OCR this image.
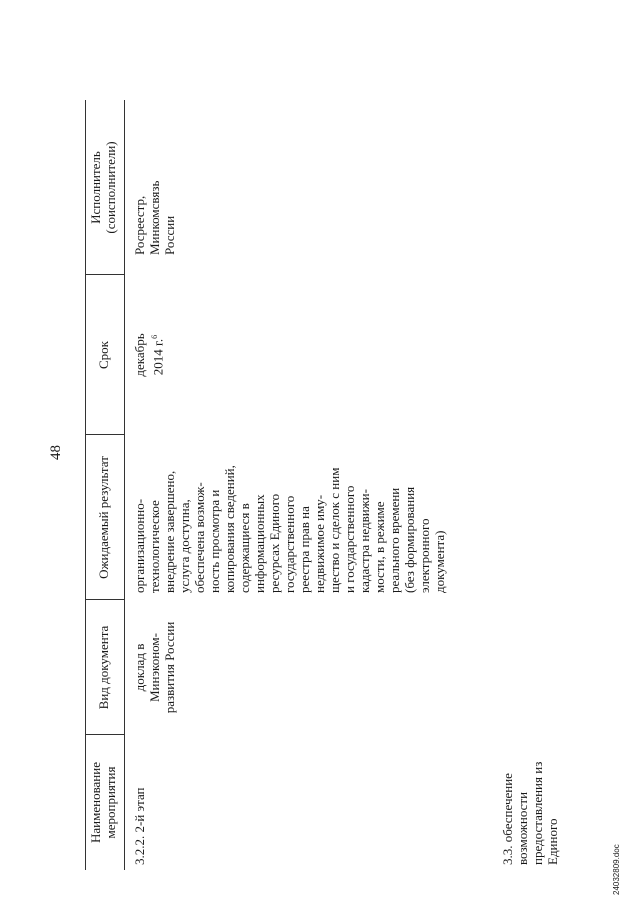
48
Наименование мероприятия
Вид документа
Ожидаемый результат
Срок
Исполнитель (соисполнители)
3.2.2. 2-й этап
доклад в Минэконом- развития России
организационно- технологическое внедрение завершено, услуга доступна, обеспечена возмож- ность просмотра и копирования сведений, содержащиеся в информационных ресурсах Единого государственного реестра прав на недвижимое иму- щество и сделок с ним и государственного кадастра недвижи- мости, в режиме реального времени (без формирования электронного документа)
декабрь 2014 г.$^6$
Росреестр, Минкомсвязь России
3.3. обеспечение возможности предоставления из Единого
24032809.doc
